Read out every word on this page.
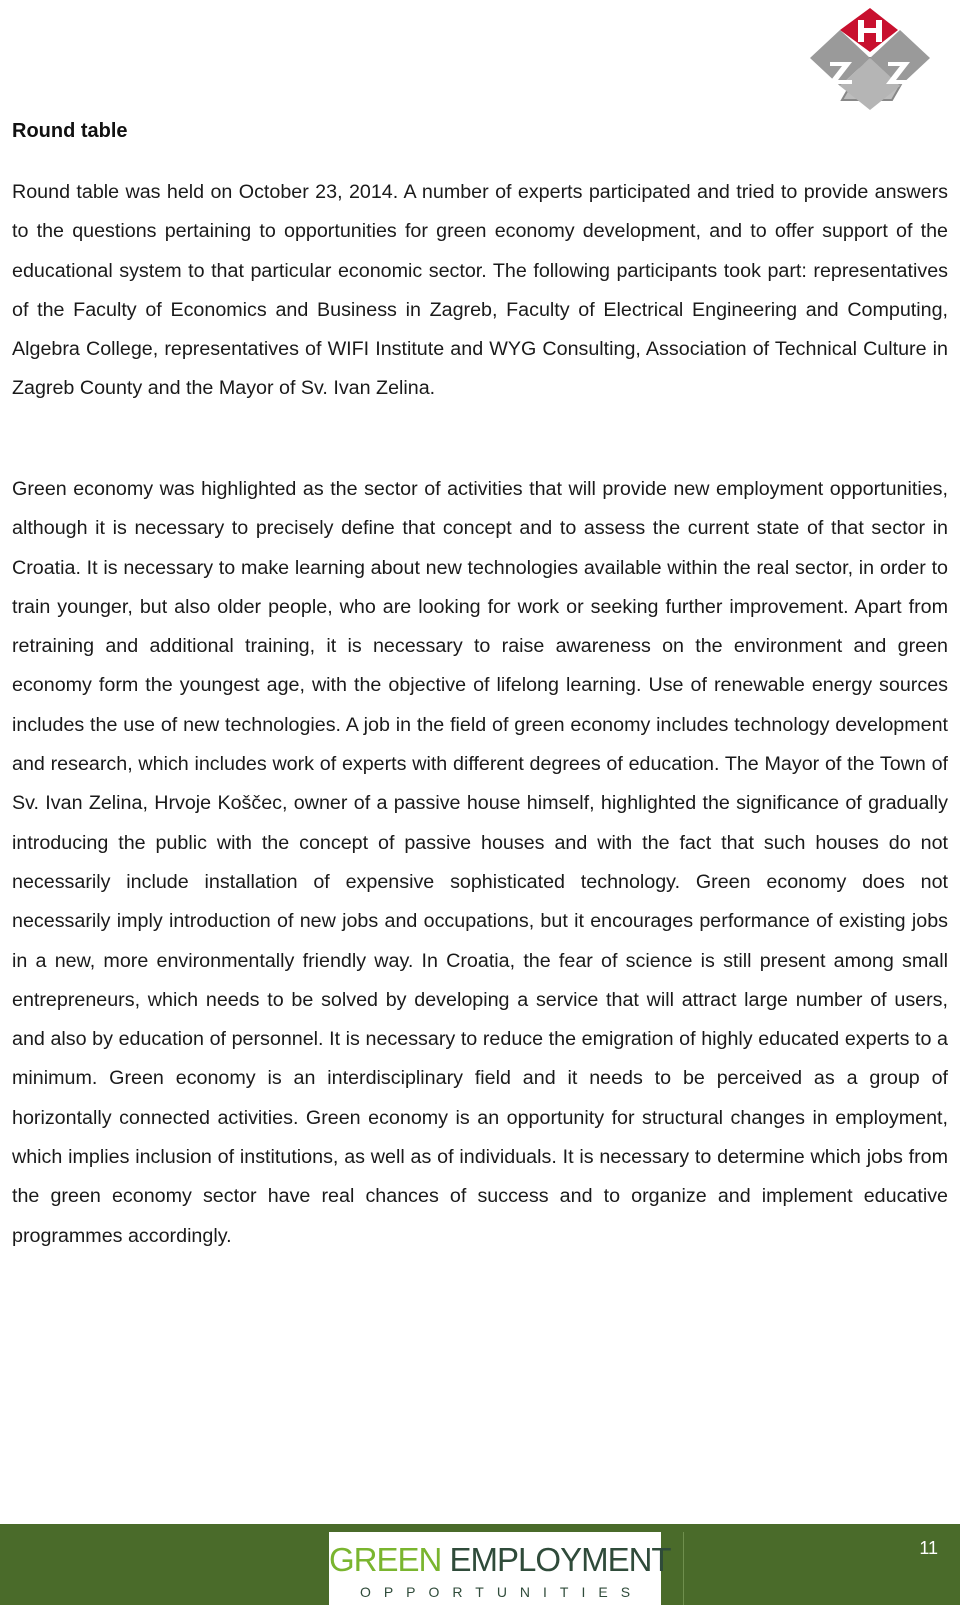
Round table

Round table was held on October 23, 2014. A number of experts participated and tried to provide answers to the questions pertaining to opportunities for green economy development, and to offer support of the educational system to that particular economic sector. The following participants took part: representatives of the Faculty of Economics and Business in Zagreb, Faculty of Electrical Engineering and Computing, Algebra College, representatives of WIFI Institute and WYG Consulting, Association of Technical Culture in Zagreb County and the Mayor of Sv. Ivan Zelina.

Green economy was highlighted as the sector of activities that will provide new employment opportunities, although it is necessary to precisely define that concept and to assess the current state of that sector in Croatia. It is necessary to make learning about new technologies available within the real sector, in order to train younger, but also older people, who are looking for work or seeking further improvement. Apart from retraining and additional training, it is necessary to raise awareness on the environment and green economy form the youngest age, with the objective of lifelong learning. Use of renewable energy sources includes the use of new technologies. A job in the field of green economy includes technology development and research, which includes work of experts with different degrees of education. The Mayor of the Town of Sv. Ivan Zelina, Hrvoje Koščec, owner of a passive house himself, highlighted the significance of gradually introducing the public with the concept of passive houses and with the fact that such houses do not necessarily include installation of expensive sophisticated technology. Green economy does not necessarily imply introduction of new jobs and occupations, but it encourages performance of existing jobs in a new, more environmentally friendly way. In Croatia, the fear of science is still present among small entrepreneurs, which needs to be solved by developing a service that will attract large number of users, and also by education of personnel. It is necessary to reduce the emigration of highly educated experts to a minimum. Green economy is an interdisciplinary field and it needs to be perceived as a group of horizontally connected activities. Green economy is an opportunity for structural changes in employment, which implies inclusion of institutions, as well as of individuals. It is necessary to determine which jobs from the green economy sector have real chances of success and to organize and implement educative programmes accordingly.

GREEN EMPLOYMENT
OPPORTUNITIES
11
